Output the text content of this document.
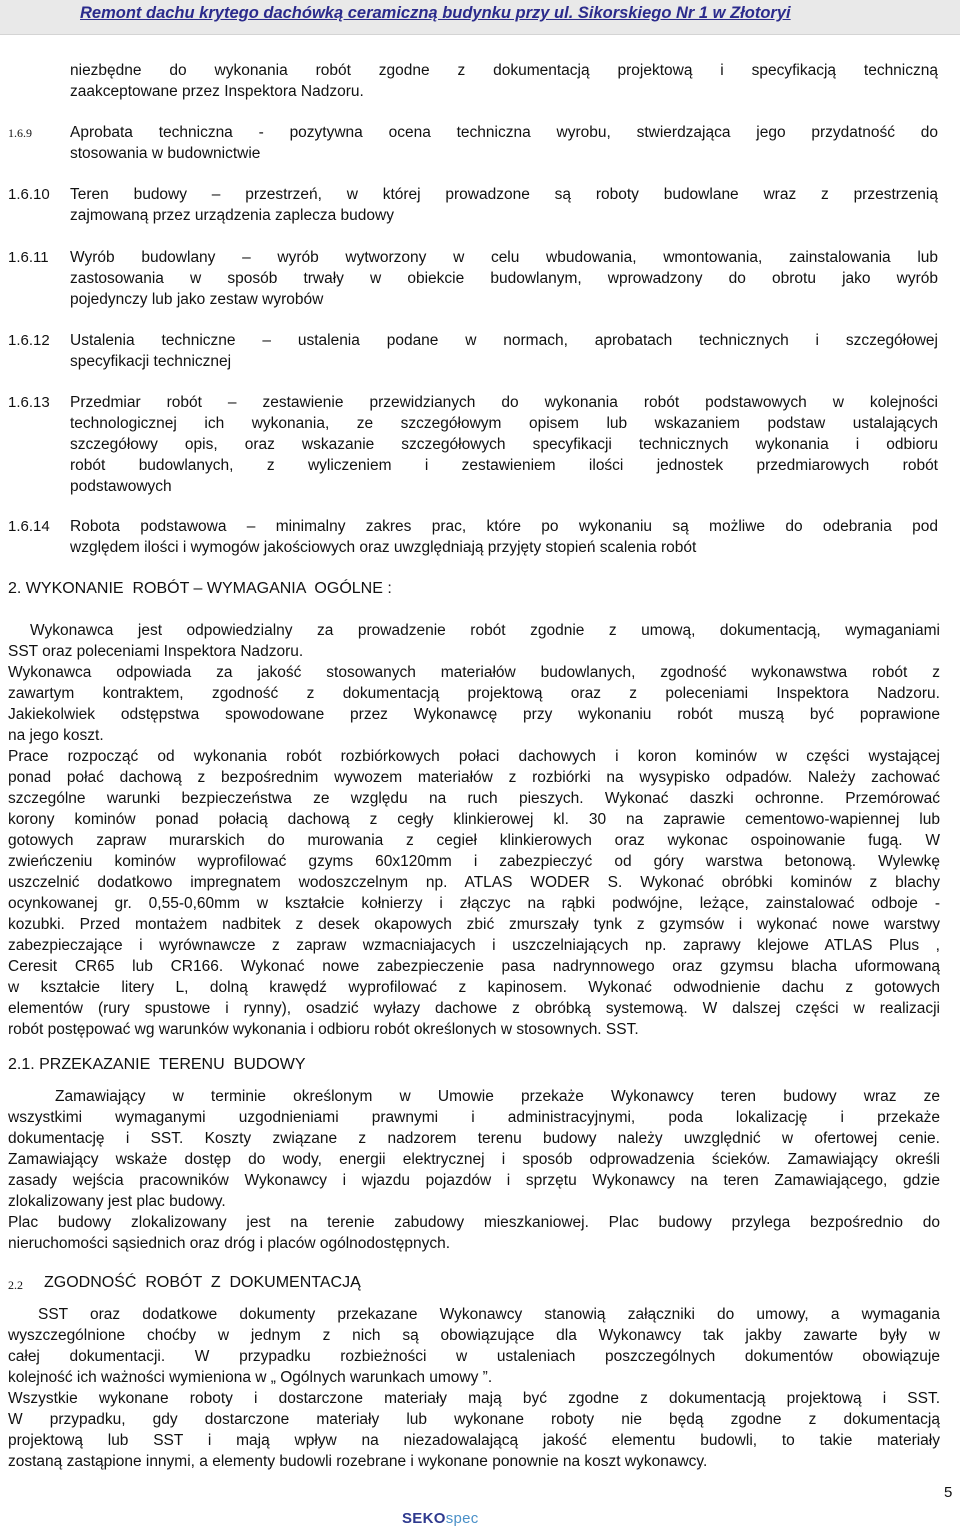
Remont dachu krytego dachówką ceramiczną budynku przy ul. Sikorskiego Nr 1 w Złotoryi
niezbędne do wykonania robót zgodne z dokumentacją projektową i specyfikacją techniczną
zaakceptowane przez Inspektora Nadzoru.
1.6.9 Aprobata techniczna - pozytywna ocena techniczna wyrobu, stwierdzająca jego przydatność do
stosowania w budownictwie
1.6.10 Teren budowy – przestrzeń, w której prowadzone są roboty budowlane wraz z przestrzenią
zajmowaną przez urządzenia zaplecza budowy
1.6.11 Wyrób budowlany – wyrób wytworzony w celu wbudowania, wmontowania, zainstalowania lub
zastosowania w sposób trwały w obiekcie budowlanym, wprowadzony do obrotu jako wyrób
pojedynczy lub jako zestaw wyrobów
1.6.12 Ustalenia techniczne – ustalenia podane w normach, aprobatach technicznych i szczegółowej
specyfikacji technicznej
1.6.13 Przedmiar robót – zestawienie przewidzianych do wykonania robót podstawowych w kolejności
technologicznej ich wykonania, ze szczegółowym opisem lub wskazaniem podstaw ustalających
szczegółowy opis, oraz wskazanie szczegółowych specyfikacji technicznych wykonania i odbioru
robót budowlanych, z wyliczeniem i zestawieniem ilości jednostek przedmiarowych robót
podstawowych
1.6.14 Robota podstawowa – minimalny zakres prac, które po wykonaniu są możliwe do odebrania pod
względem ilości i wymogów jakościowych oraz uwzględniają przyjęty stopień scalenia robót
2. WYKONANIE  ROBÓT – WYMAGANIA  OGÓLNE :
Wykonawca jest odpowiedzialny za prowadzenie robót zgodnie z umową, dokumentacją, wymaganiami
SST oraz poleceniami Inspektora Nadzoru.
Wykonawca odpowiada za jakość stosowanych materiałów budowlanych, zgodność wykonawstwa robót z
zawartym kontraktem, zgodność z dokumentacją projektową oraz z poleceniami Inspektora Nadzoru.
Jakiekolwiek odstępstwa spowodowane przez Wykonawcę przy wykonaniu robót muszą być poprawione
na jego koszt.
Prace rozpocząć od wykonania robót rozbiórkowych połaci dachowych i koron kominów w części wystającej
ponad połać dachową z bezpośrednim wywozem materiałów z rozbiórki na wysypisko odpadów. Należy zachować
szczególne warunki bezpieczeństwa ze względu na ruch pieszych. Wykonać daszki ochronne. Przemórować
korony kominów ponad połacią dachową z cegły klinkierowej kl. 30 na zaprawie cementowo-wapiennej lub
gotowych zapraw murarskich do murowania z cegieł klinkierowych oraz wykonac ospoinowanie fugą. W
zwieńczeniu kominów wyprofilować gzyms 60x120mm i zabezpieczyć od góry warstwa betonową. Wylewkę
uszczelnić dodatkowo impregnatem wodoszczelnym np. ATLAS WODER S. Wykonać obróbki kominów z blachy
ocynkowanej gr. 0,55-0,60mm w kształcie kołnierzy i złączyc na rąbki podwójne, leżące, zainstalować odboje -
kozubki. Przed montażem nadbitek z desek okapowych zbić zmurszały tynk z gzymsów i wykonać nowe warstwy
zabezpieczające i wyrównawcze z zapraw wzmacniajacych i uszczelniających np. zaprawy klejowe ATLAS Plus ,
Ceresit CR65 lub CR166. Wykonać nowe zabezpieczenie pasa nadrynnowego oraz gzymsu blacha uformowaną
w kształcie litery L, dolną krawędź wyprofilować z kapinosem. Wykonać odwodnienie dachu z gotowych
elementów (rury spustowe i rynny), osadzić wyłazy dachowe z obróbką systemową. W dalszej części w realizacji
robót postępować wg warunków wykonania i odbioru robót określonych w stosownych. SST.
2.1. PRZEKAZANIE  TERENU  BUDOWY
Zamawiający w terminie określonym w Umowie przekaże Wykonawcy teren budowy wraz ze
wszystkimi wymaganymi uzgodnieniami prawnymi i administracyjnymi, poda lokalizację i przekaże
dokumentację i SST. Koszty związane z nadzorem terenu budowy należy uwzględnić w ofertowej cenie.
Zamawiający wskaże dostęp do wody, energii elektrycznej i sposób odprowadzenia ścieków. Zamawiający określi
zasady wejścia pracowników Wykonawcy i wjazdu pojazdów i sprzętu Wykonawcy na teren Zamawiającego, gdzie
zlokalizowany jest plac budowy.
Plac budowy zlokalizowany jest na terenie zabudowy mieszkaniowej. Plac budowy przylega bezpośrednio do
nieruchomości sąsiednich oraz dróg i placów ogólnodostępnych.
2.2 ZGODNOŚĆ  ROBÓT  Z  DOKUMENTACJĄ
SST oraz dodatkowe dokumenty przekazane Wykonawcy stanowią załączniki do umowy, a wymagania
wyszczególnione choćby w jednym z nich są obowiązujące dla Wykonawcy tak jakby zawarte były w
całej dokumentacji. W przypadku rozbieżności w ustaleniach poszczególnych dokumentów obowiązuje
kolejność ich ważności wymieniona w „ Ogólnych warunkach umowy ”.
Wszystkie wykonane roboty i dostarczone materiały mają być zgodne z dokumentacją projektową i SST.
W przypadku, gdy dostarczone materiały lub wykonane roboty nie będą zgodne z dokumentacją
projektową lub SST i mają wpływ na niezadowalającą jakość elementu budowli, to takie materiały
zostaną zastąpione innymi, a elementy budowli rozebrane i wykonane ponownie na koszt wykonawcy.
SEKOspec
5
